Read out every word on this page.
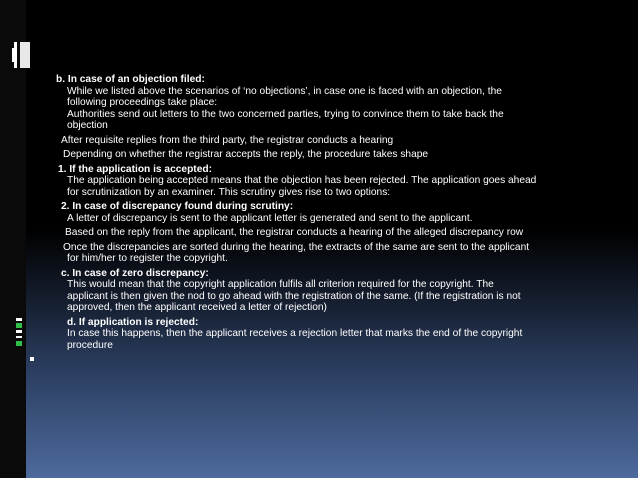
b. In case of an objection filed:

While we listed above the scenarios of ‘no objections’, in case one is faced with an objection, the

following proceedings take place:

Authorities send out letters to the two concerned parties, trying to convince them to take back the

objection

After requisite replies from the third party, the registrar conducts a hearing

Depending on whether the registrar accepts the reply, the procedure takes shape

1. If the application is accepted:

The application being accepted means that the objection has been rejected. The application goes ahead

for scrutinization by an examiner. This scrutiny gives rise to two options:

2. In case of discrepancy found during scrutiny:

A letter of discrepancy is sent to the applicant letter is generated and sent to the applicant.

Based on the reply from the applicant, the registrar conducts a hearing of the alleged discrepancy row

Once the discrepancies are sorted during the hearing, the extracts of the same are sent to the applicant

for him/her to register the copyright.

c. In case of zero discrepancy:

This would mean that the copyright application fulfils all criterion required for the copyright. The

applicant is then given the nod to go ahead with the registration of the same. (If the registration is not

approved, then the applicant received a letter of rejection)

d. If application is rejected:

In case this happens, then the applicant receives a rejection letter that marks the end of the copyright

procedure
